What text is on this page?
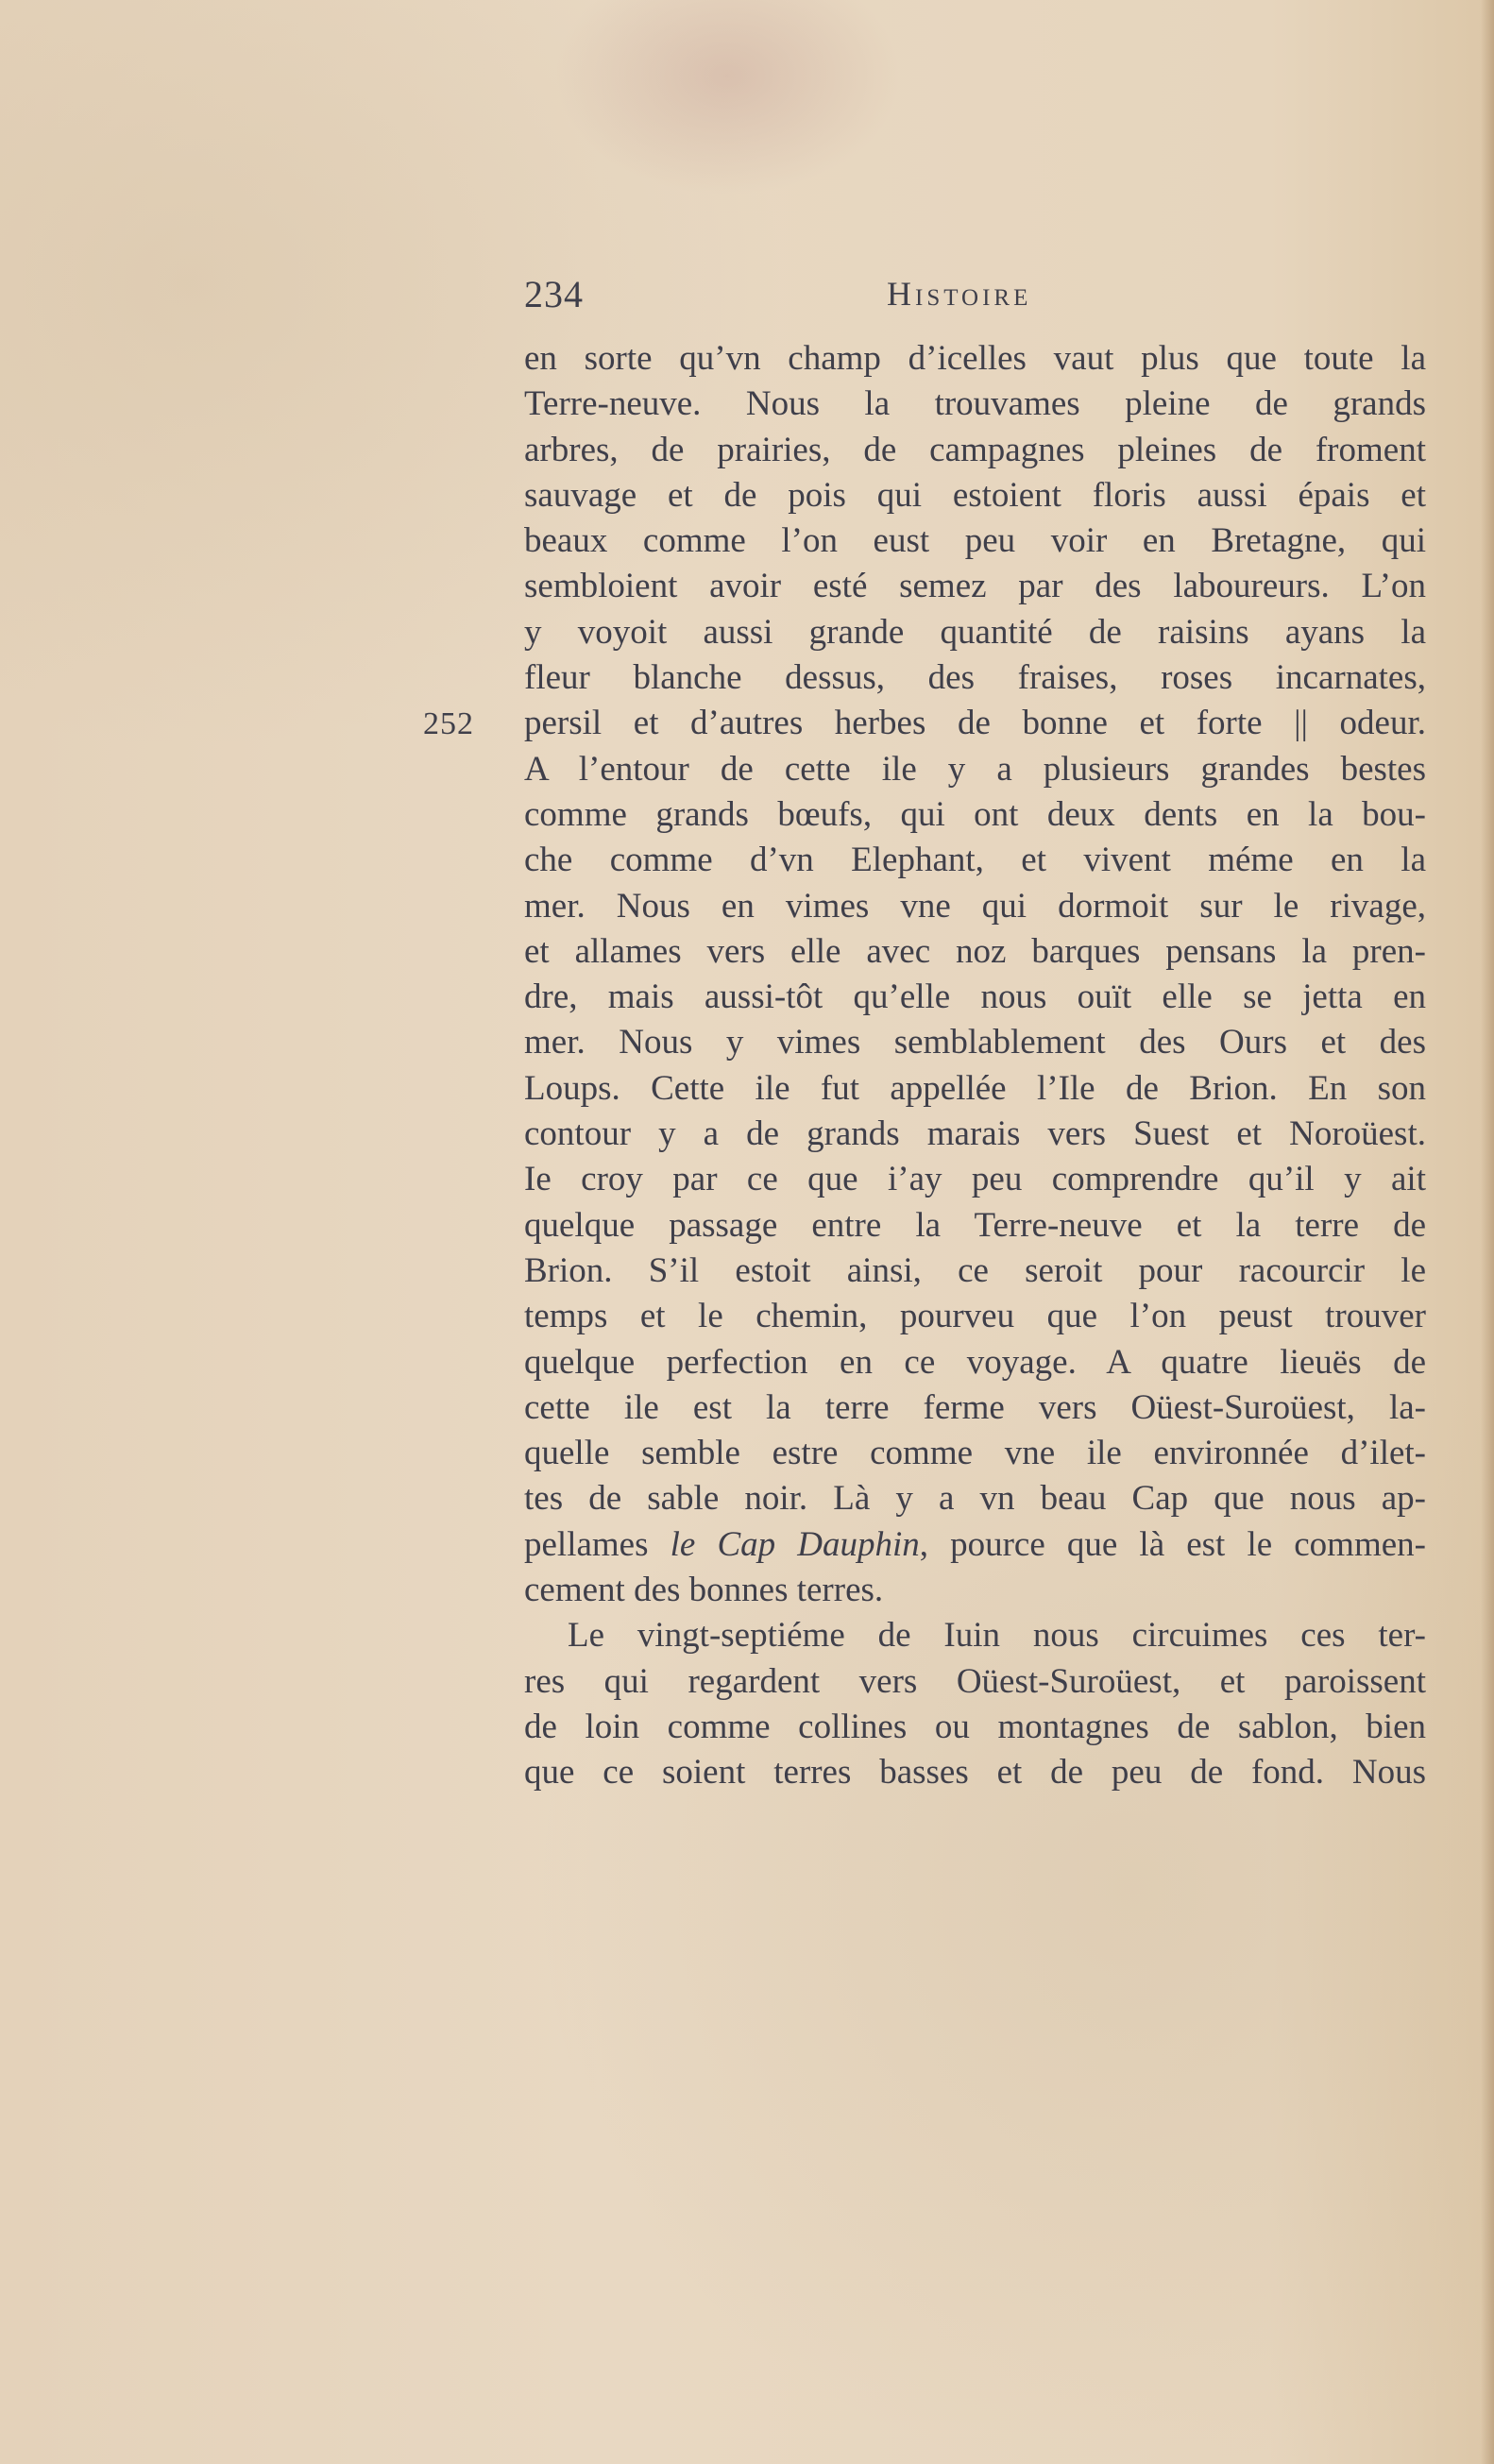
234	Histoire
252
en sorte qu’vn champ d’icelles vaut plus que toute la
Terre-neuve. Nous la trouvames pleine de grands
arbres, de prairies, de campagnes pleines de froment
sauvage et de pois qui estoient floris aussi épais et
beaux comme l’on eust peu voir en Bretagne, qui
sembloient avoir esté semez par des laboureurs. L’on
y voyoit aussi grande quantité de raisins ayans la
fleur blanche dessus, des fraises, roses incarnates,
persil et d’autres herbes de bonne et forte || odeur.
A l’entour de cette ile y a plusieurs grandes bestes
comme grands bœufs, qui ont deux dents en la bou-
che comme d’vn Elephant, et vivent méme en la
mer. Nous en vimes vne qui dormoit sur le rivage,
et allames vers elle avec noz barques pensans la pren-
dre, mais aussi-tôt qu’elle nous ouït elle se jetta en
mer. Nous y vimes semblablement des Ours et des
Loups. Cette ile fut appellée l’Ile de Brion. En son
contour y a de grands marais vers Suest et Noroüest.
Ie croy par ce que i’ay peu comprendre qu’il y ait
quelque passage entre la Terre-neuve et la terre de
Brion. S’il estoit ainsi, ce seroit pour racourcir le
temps et le chemin, pourveu que l’on peust trouver
quelque perfection en ce voyage. A quatre lieuës de
cette ile est la terre ferme vers Oüest-Suroüest, la-
quelle semble estre comme vne ile environnée d’ilet-
tes de sable noir. Là y a vn beau Cap que nous ap-
pellames le Cap Dauphin, pource que là est le commen-
cement des bonnes terres.
Le vingt-septiéme de Iuin nous circuimes ces ter-
res qui regardent vers Oüest-Suroüest, et paroissent
de loin comme collines ou montagnes de sablon, bien
que ce soient terres basses et de peu de fond. Nous
